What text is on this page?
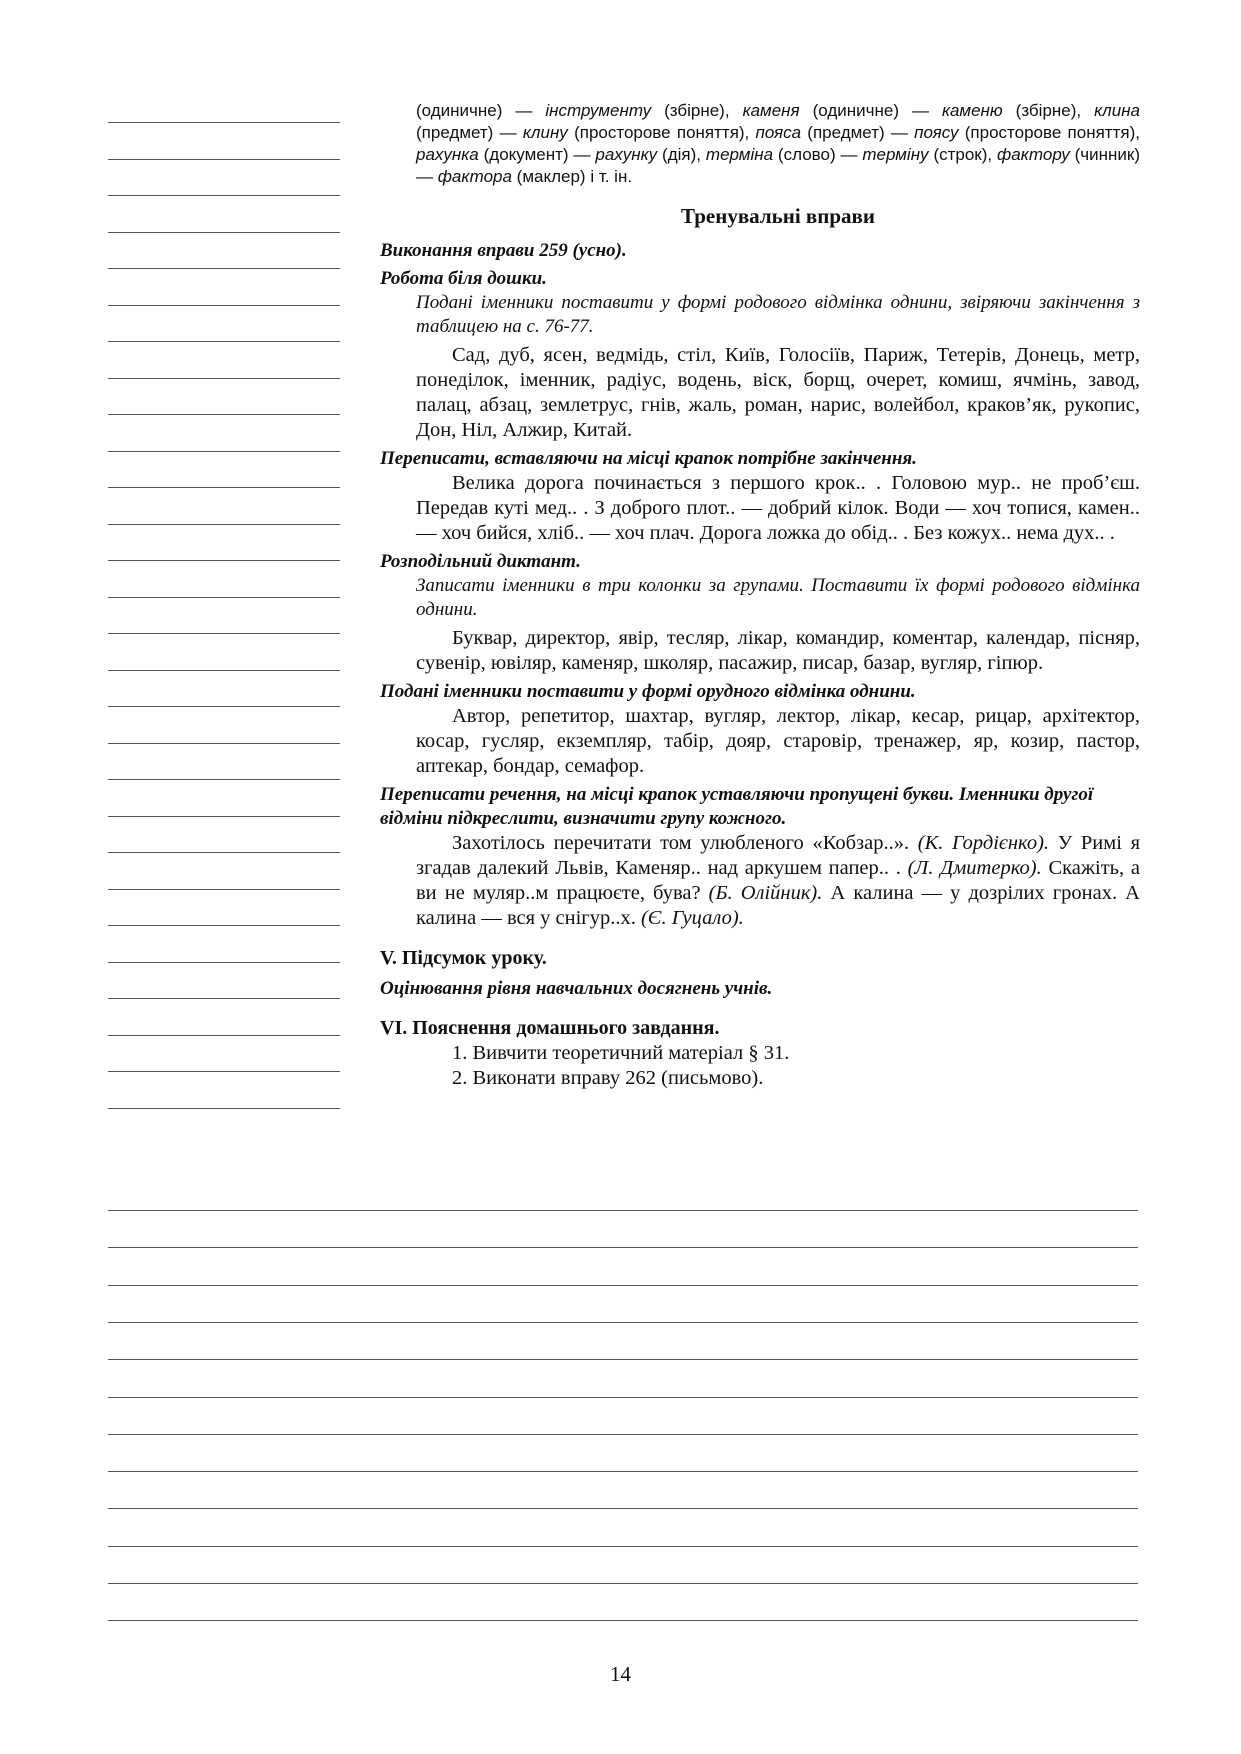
(одиничне) — інструменту (збірне), каменя (одиничне) — каменю (збірне), клина (предмет) — клину (просторове поняття), пояса (предмет) — поясу (просторове поняття), рахунка (документ) — рахунку (дія), терміна (слово) — терміну (строк), фактору (чинник) — фактора (маклер) і т. ін.
Тренувальні вправи
Виконання вправи 259 (усно).
Робота біля дошки.
Подані іменники поставити у формі родового відмінка однини, звіряючи закінчення з таблицею на с. 76-77.
Сад, дуб, ясен, ведмідь, стіл, Київ, Голосіїв, Париж, Тетерів, Донець, метр, понеділок, іменник, радіус, водень, віск, борщ, очерет, комиш, ячмінь, завод, палац, абзац, землетрус, гнів, жаль, роман, нарис, волейбол, краков’як, рукопис, Дон, Ніл, Алжир, Китай.
Переписати, вставляючи на місці крапок потрібне закінчення.
Велика дорога починається з першого крок.. . Головою мур.. не проб’єш. Передав куті мед.. . З доброго плот.. — добрий кілок. Води — хоч топися, камен.. — хоч бийся, хліб.. — хоч плач. Дорога ложка до обід.. . Без кожух.. нема дух.. .
Розподільний диктант.
Записати іменники в три колонки за групами. Поставити їх формі родового відмінка однини.
Буквар, директор, явір, тесляр, лікар, командир, коментар, календар, пісняр, сувенір, ювіляр, каменяр, школяр, пасажир, писар, базар, вугляр, гіпюр.
Подані іменники поставити у формі орудного відмінка однини.
Автор, репетитор, шахтар, вугляр, лектор, лікар, кесар, рицар, архітектор, косар, гусляр, екземпляр, табір, дояр, старовір, тренажер, яр, козир, пастор, аптекар, бондар, семафор.
Переписати речення, на місці крапок уставляючи пропущені букви. Іменники другої відміни підкреслити, визначити групу кожного.
Захотілось перечитати том улюбленого «Кобзар..». (К. Гордієнко). У Римі я згадав далекий Львів, Каменяр.. над аркушем папер.. . (Л. Дмитерко). Скажіть, а ви не муляр..м працюєте, бува? (Б. Олійник). А калина — у дозрілих гронах. А калина — вся у снігур..х. (Є. Гуцало).
V. Підсумок уроку.
Оцінювання рівня навчальних досягнень учнів.
VI. Пояснення домашнього завдання.
1. Вивчити теоретичний матеріал § 31.
2. Виконати вправу 262 (письмово).
14
